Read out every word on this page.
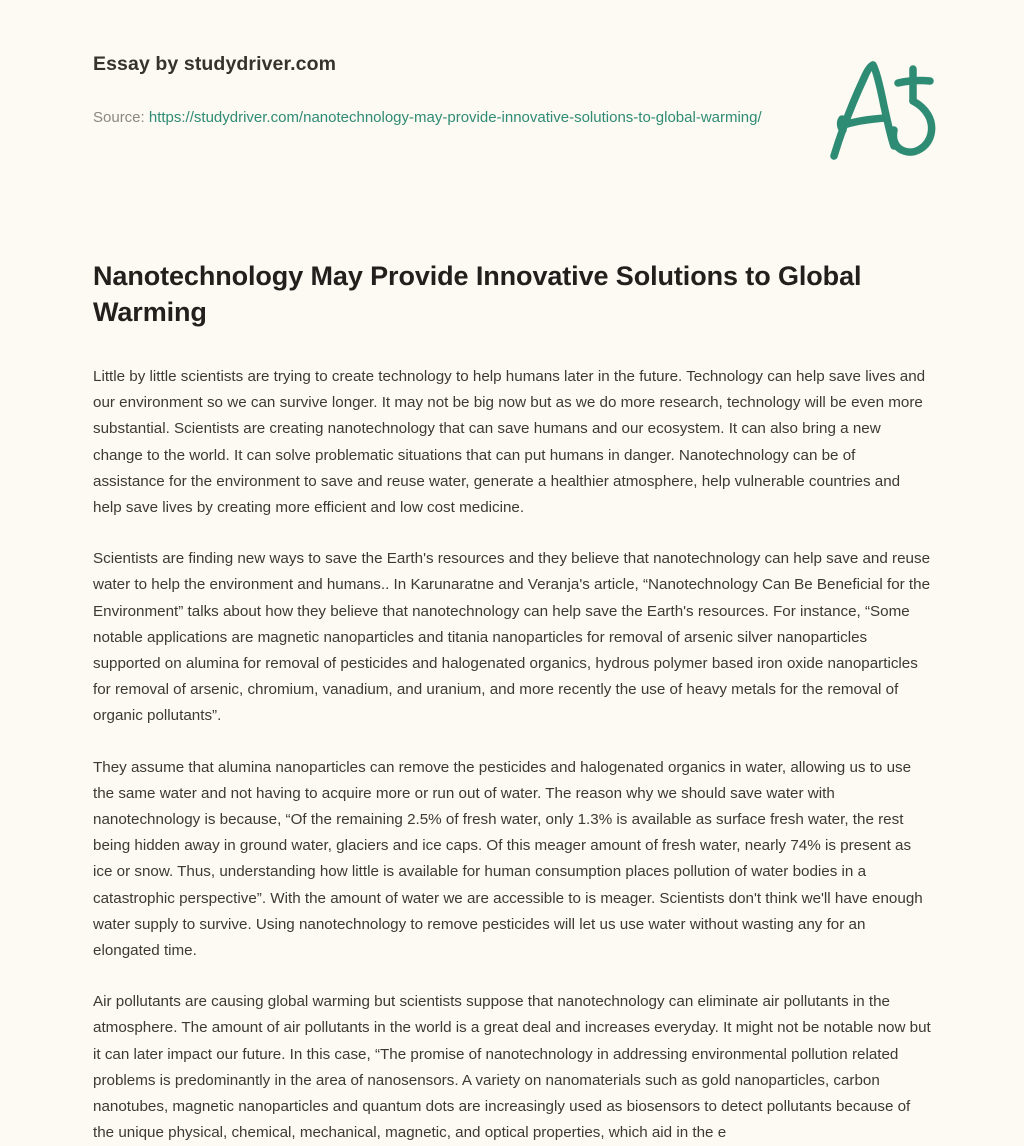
Essay by studydriver.com

Source: https://studydriver.com/nanotechnology-may-provide-innovative-solutions-to-global-warming/

Nanotechnology May Provide Innovative Solutions to Global Warming

Little by little scientists are trying to create technology to help humans later in the future. Technology can help save lives and our environment so we can survive longer. It may not be big now but as we do more research, technology will be even more substantial. Scientists are creating nanotechnology that can save humans and our ecosystem. It can also bring a new change to the world. It can solve problematic situations that can put humans in danger. Nanotechnology can be of assistance for the environment to save and reuse water, generate a healthier atmosphere, help vulnerable countries and help save lives by creating more efficient and low cost medicine.

Scientists are finding new ways to save the Earth's resources and they believe that nanotechnology can help save and reuse water to help the environment and humans.. In Karunaratne and Veranja's article, “Nanotechnology Can Be Beneficial for the Environment” talks about how they believe that nanotechnology can help save the Earth's resources. For instance, “Some notable applications are magnetic nanoparticles and titania nanoparticles for removal of arsenic silver nanoparticles supported on alumina for removal of pesticides and halogenated organics, hydrous polymer based iron oxide nanoparticles for removal of arsenic, chromium, vanadium, and uranium, and more recently the use of heavy metals for the removal of organic pollutants”.

They assume that alumina nanoparticles can remove the pesticides and halogenated organics in water, allowing us to use the same water and not having to acquire more or run out of water. The reason why we should save water with nanotechnology is because, “Of the remaining 2.5% of fresh water, only 1.3% is available as surface fresh water, the rest being hidden away in ground water, glaciers and ice caps. Of this meager amount of fresh water, nearly 74% is present as ice or snow. Thus, understanding how little is available for human consumption places pollution of water bodies in a catastrophic perspective”. With the amount of water we are accessible to is meager. Scientists don't think we'll have enough water supply to survive. Using nanotechnology to remove pesticides will let us use water without wasting any for an elongated time.

Air pollutants are causing global warming but scientists suppose that nanotechnology can eliminate air pollutants in the atmosphere. The amount of air pollutants in the world is a great deal and increases everyday. It might not be notable now but it can later impact our future. In this case, “The promise of nanotechnology in addressing environmental pollution related problems is predominantly in the area of nanosensors. A variety on nanomaterials such as gold nanoparticles, carbon nanotubes, magnetic nanoparticles and quantum dots are increasingly used as biosensors to detect pollutants because of the unique physical, chemical, mechanical, magnetic, and optical properties, which aid in the e
